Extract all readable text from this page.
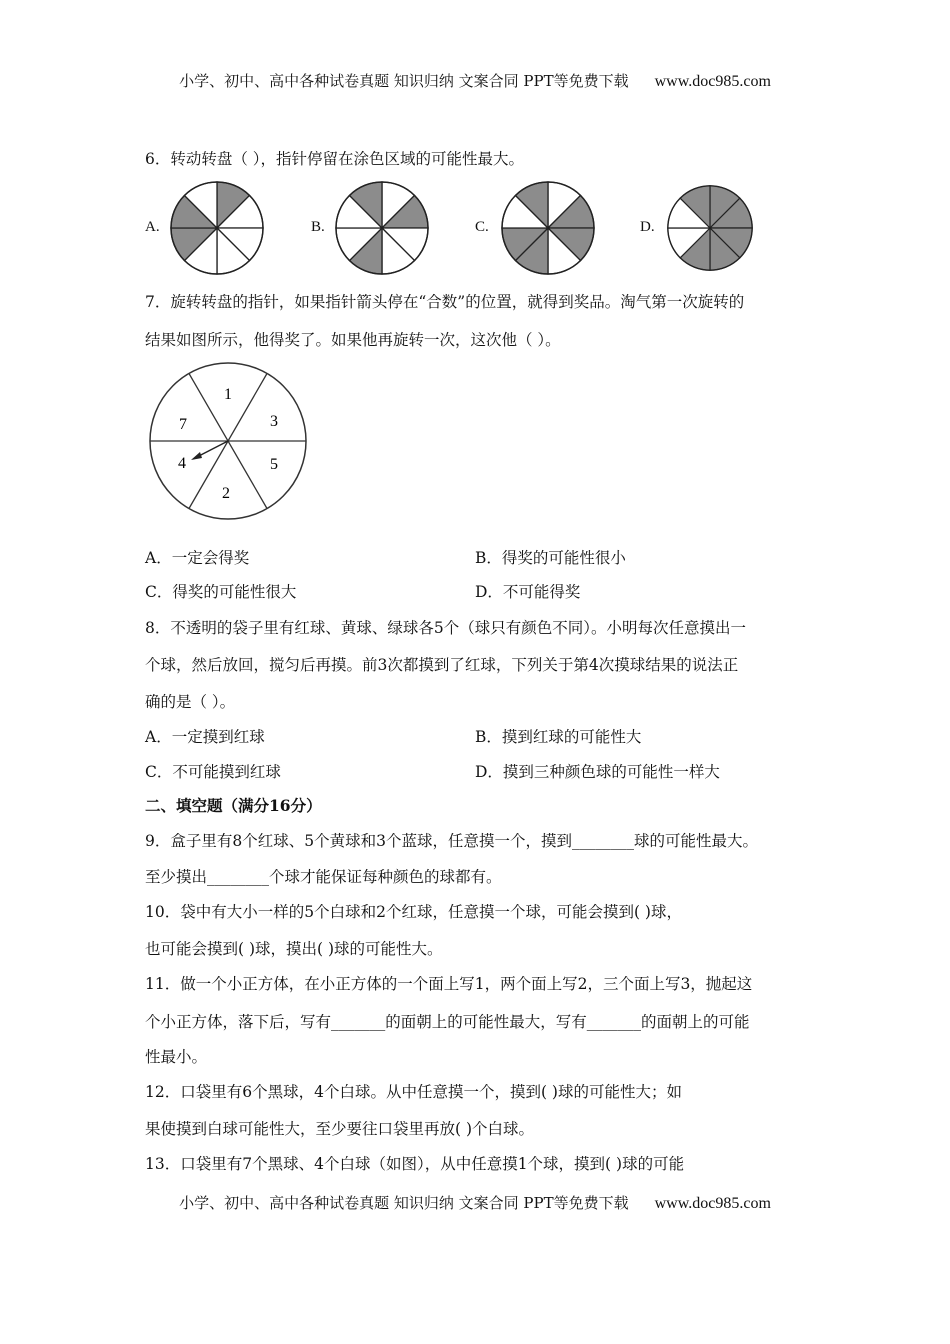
小学、初中、高中各种试卷真题 知识归纳 文案合同 PPT等免费下载 www.doc985.com
6．转动转盘（ ），指针停留在涂色区域的可能性最大。
A.	B.	C.	D.
7．旋转转盘的指针，如果指针箭头停在“合数”的位置，就得到奖品。淘气第一次旋转的
结果如图所示，他得奖了。如果他再旋转一次，这次他（ ）。
1
3
5
2
4
7
A．一定会得奖	B．得奖的可能性很小
C．得奖的可能性很大	D．不可能得奖
8．不透明的袋子里有红球、黄球、绿球各5个（球只有颜色不同）。小明每次任意摸出一
个球，然后放回，搅匀后再摸。前3次都摸到了红球，下列关于第4次摸球结果的说法正
确的是（ ）。
A．一定摸到红球	B．摸到红球的可能性大
C．不可能摸到红球	D．摸到三种颜色球的可能性一样大
二、填空题（满分16分）
9．盒子里有8个红球、5个黄球和3个蓝球，任意摸一个，摸到________球的可能性最大。
至少摸出________个球才能保证每种颜色的球都有。
10．袋中有大小一样的5个白球和2个红球，任意摸一个球，可能会摸到( )球，
也可能会摸到( )球，摸出( )球的可能性大。
11．做一个小正方体，在小正方体的一个面上写1，两个面上写2，三个面上写3，抛起这
个小正方体，落下后，写有_______的面朝上的可能性最大，写有_______的面朝上的可能
性最小。
12．口袋里有6个黑球，4个白球。从中任意摸一个，摸到( )球的可能性大；如
果使摸到白球可能性大，至少要往口袋里再放( )个白球。
13．口袋里有7个黑球、4个白球（如图），从中任意摸1个球，摸到( )球的可能
小学、初中、高中各种试卷真题 知识归纳 文案合同 PPT等免费下载 www.doc985.com
